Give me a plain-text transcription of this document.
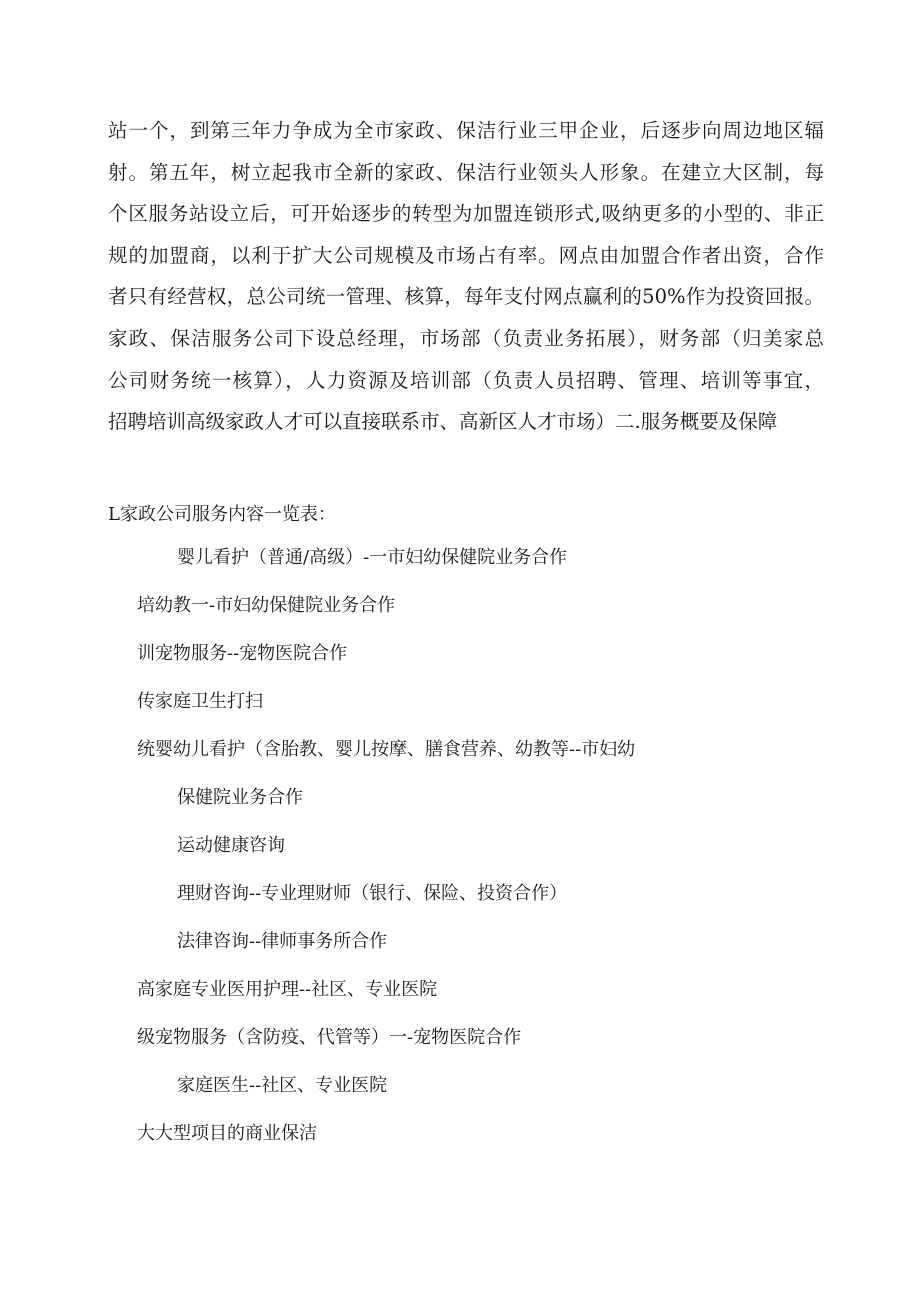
站一个，到第三年力争成为全市家政、保洁行业三甲企业，后逐步向周边地区辐
射。第五年，树立起我市全新的家政、保洁行业领头人形象。在建立大区制，每
个区服务站设立后，可开始逐步的转型为加盟连锁形式,吸纳更多的小型的、非正
规的加盟商，以利于扩大公司规模及市场占有率。网点由加盟合作者出资，合作
者只有经营权，总公司统一管理、核算，每年支付网点赢利的50%作为投资回报。
家政、保洁服务公司下设总经理，市场部（负责业务拓展），财务部（归美家总
公司财务统一核算），人力资源及培训部（负责人员招聘、管理、培训等事宜，
招聘培训高级家政人才可以直接联系市、高新区人才市场）二.服务概要及保障
L家政公司服务内容一览表：
婴儿看护（普通/高级）-一市妇幼保健院业务合作
培幼教一-市妇幼保健院业务合作
训宠物服务--宠物医院合作
传家庭卫生打扫
统婴幼儿看护（含胎教、婴儿按摩、膳食营养、幼教等--市妇幼
保健院业务合作
运动健康咨询
理财咨询--专业理财师（银行、保险、投资合作）
法律咨询--律师事务所合作
高家庭专业医用护理--社区、专业医院
级宠物服务（含防疫、代管等）一-宠物医院合作
家庭医生--社区、专业医院
大大型项目的商业保洁
